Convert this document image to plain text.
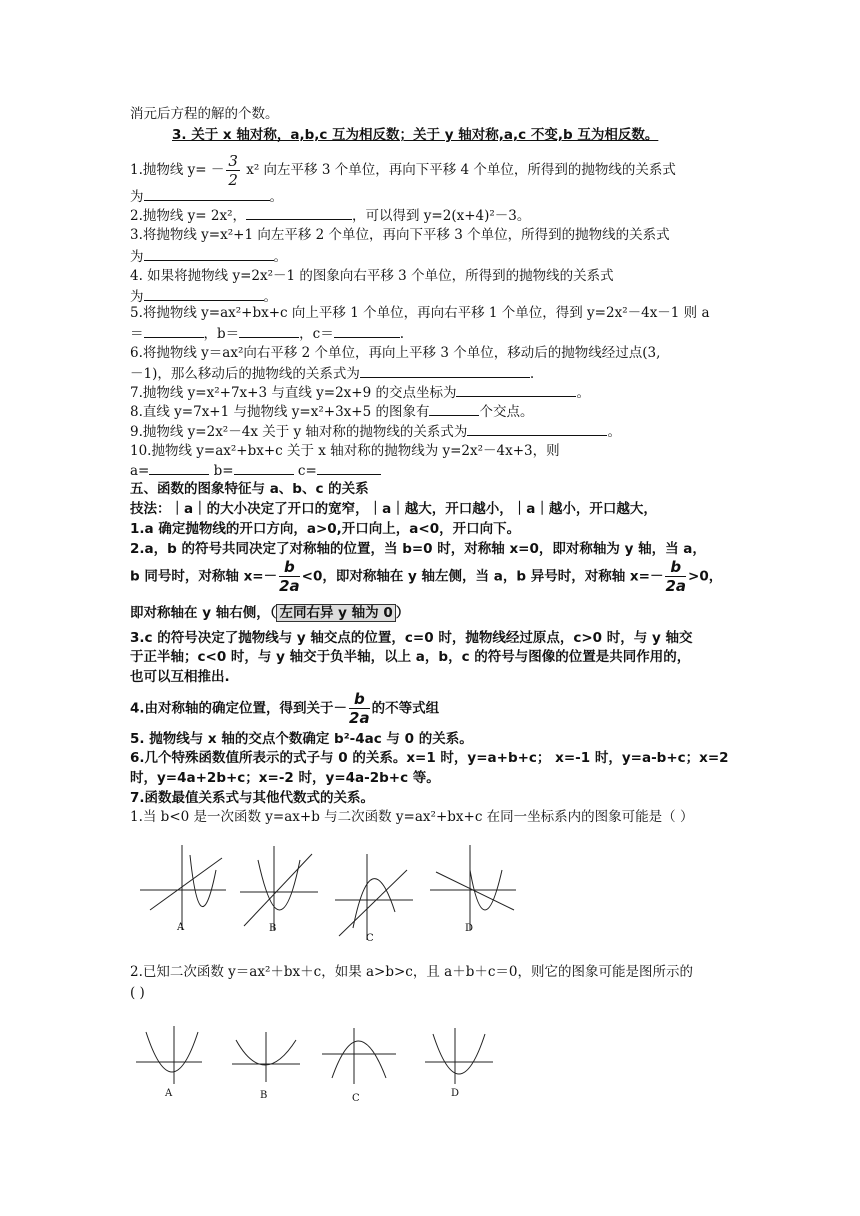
消元后方程的解的个数。
3. 关于 x 轴对称，a,b,c 互为相反数；关于 y 轴对称,a,c 不变,b 互为相反数。
1.抛物线 $y= - \frac{3}{2} x^2$ 向左平移 3 个单位，再向下平移 4 个单位，所得到的抛物线的关系式
为	。
2.抛物线 y= 2x²，	，可以得到 y=2(x+4)²－3。
3.将抛物线 y=x²+1 向左平移 2 个单位，再向下平移 3 个单位，所得到的抛物线的关系式
为	。
4. 如果将抛物线 y=2x²－1 的图象向右平移 3 个单位，所得到的抛物线的关系式
为	。
5.将抛物线 y=ax²+bx+c 向上平移 1 个单位，再向右平移 1 个单位，得到 y=2x²－4x－1 则 a
＝	，b＝	，c＝	.
6.将抛物线 y＝ax²向右平移 2 个单位，再向上平移 3 个单位，移动后的抛物线经过点(3,
－1)，那么移动后的抛物线的关系式为	.
7.抛物线 y=x²+7x+3 与直线 y=2x+9 的交点坐标为	。
8.直线 y=7x+1 与抛物线 y=x²+3x+5 的图象有	个交点。
9.抛物线 y=2x²－4x 关于 y 轴对称的抛物线的关系式为	。
10.抛物线 y=ax²+bx+c 关于 x 轴对称的抛物线为 y=2x²－4x+3，则
a=	b=	c=
五、函数的图象特征与 a、b、c 的关系
技法：｜a｜的大小决定了开口的宽窄，｜a｜越大，开口越小，｜a｜越小，开口越大，
1.a 确定抛物线的开口方向，a>0,开口向上，a<0，开口向下。
2.a，b 的符号共同决定了对称轴的位置，当 b=0 时，对称轴 x=0，即对称轴为 y 轴，当 a，
b 同号时，对称轴 $x=- \frac{b}{2a} <0$，即对称轴在 y 轴左侧，当 a，b 异号时，对称轴 $x=- \frac{b}{2a} >0$，
即对称轴在 y 轴右侧，（ 左同右异 y 轴为 0 ）
3.c 的符号决定了抛物线与 y 轴交点的位置，c=0 时，抛物线经过原点，c>0 时，与 y 轴交
于正半轴；c<0 时，与 y 轴交于负半轴，以上 a，b，c 的符号与图像的位置是共同作用的，
也可以互相推出.
4.由对称轴的确定位置，得到关于－ $\frac{b}{2a}$ 的不等式组
5. 抛物线与 x 轴的交点个数确定 b²-4ac 与 0 的关系。
6.几个特殊函数值所表示的式子与 0 的关系。x=1 时，y=a+b+c； x=-1 时，y=a-b+c；x=2
时，y=4a+2b+c；x=-2 时，y=4a-2b+c 等。
7.函数最值关系式与其他代数式的关系。
1.当 b<0 是一次函数 y=ax+b 与二次函数 y=ax²+bx+c 在同一坐标系内的图象可能是（ ）
A	B
C
D
2.已知二次函数 y＝ax²＋bx＋c，如果 a>b>c，且 a＋b＋c＝0，则它的图象可能是图所示的
( )
A	B	C	D
